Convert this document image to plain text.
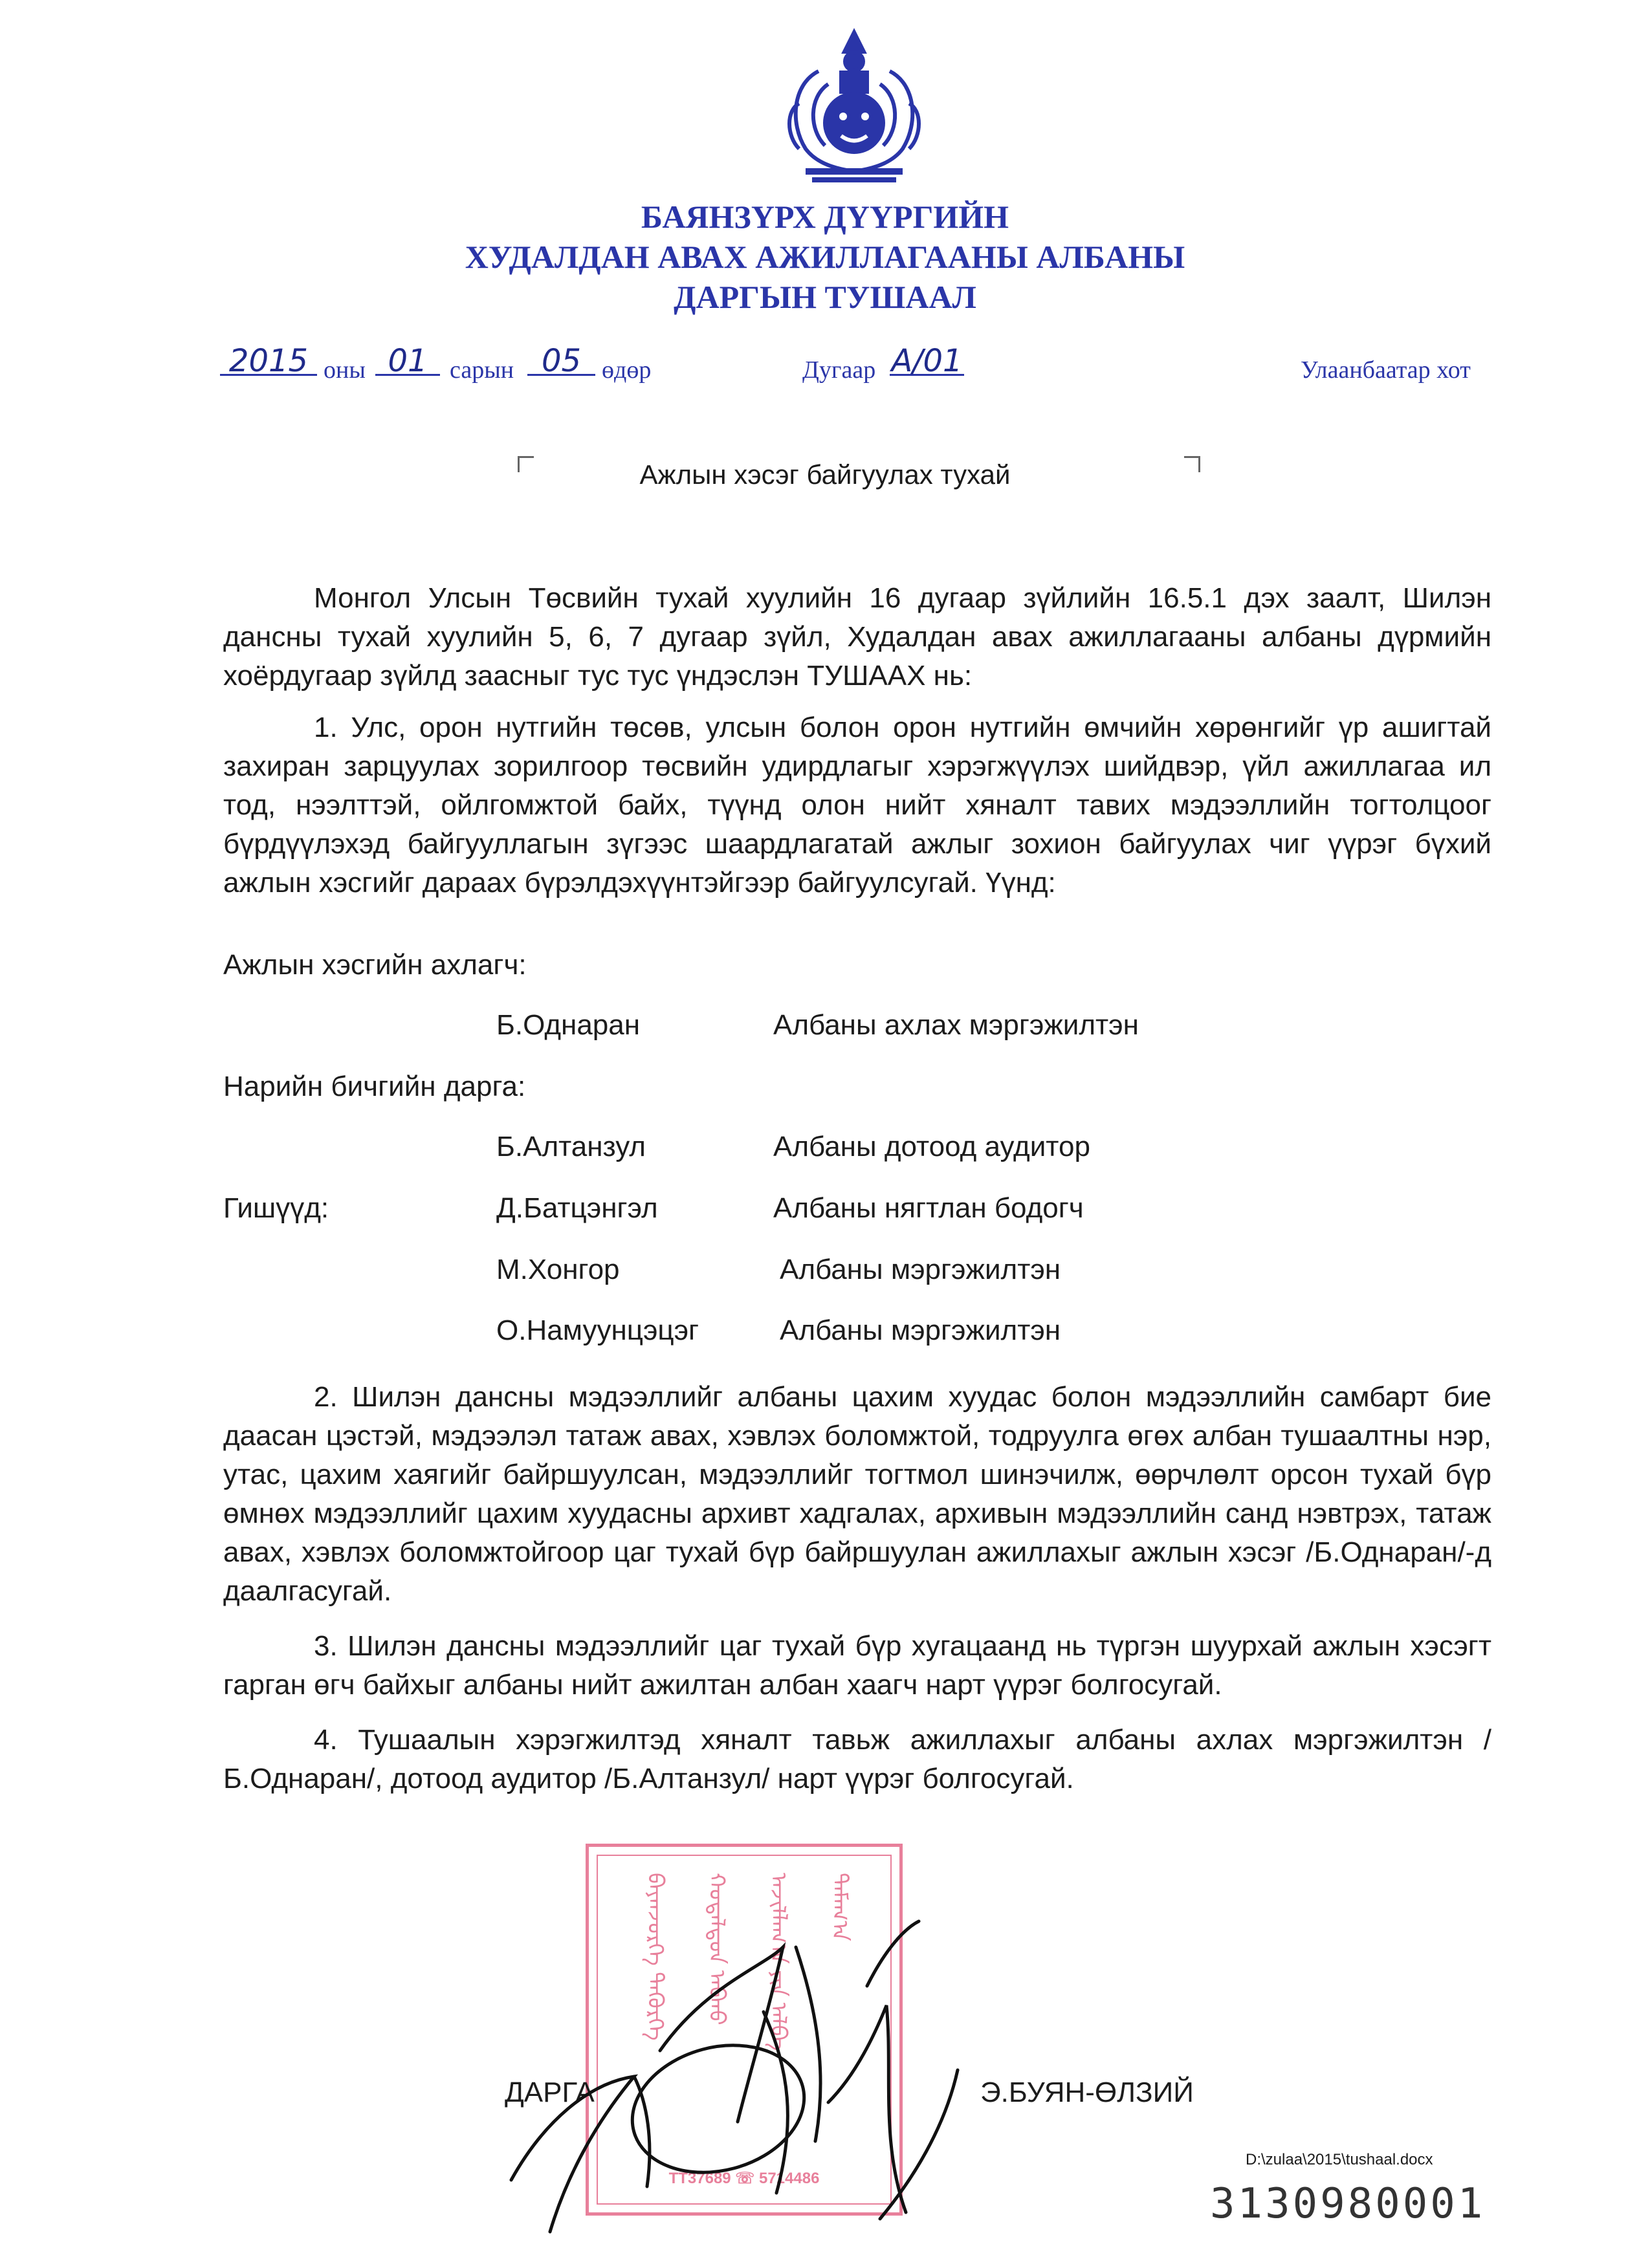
БАЯНЗҮРХ ДҮҮРГИЙН
ХУДАЛДАН АВАХ АЖИЛЛАГААНЫ АЛБАНЫ
ДАРГЫН ТУШААЛ
2015 оны 01 сарын 05 өдөр	Дугаар А/01	Улаанбаатар хот
Ажлын хэсэг байгуулах тухай
Монгол Улсын Төсвийн тухай хуулийн 16 дугаар зүйлийн 16.5.1 дэх заалт, Шилэн дансны тухай хуулийн 5, 6, 7 дугаар зүйл, Худалдан авах ажиллагааны албаны дүрмийн хоёрдугаар зүйлд заасныг тус тус үндэслэн ТУШААХ нь:
1. Улс, орон нутгийн төсөв, улсын болон орон нутгийн өмчийн хөрөнгийг үр ашигтай захиран зарцуулах зорилгоор төсвийн удирдлагыг хэрэгжүүлэх шийдвэр, үйл ажиллагаа ил тод, нээлттэй, ойлгомжтой байх, түүнд олон нийт хяналт тавих мэдээллийн тогтолцоог бүрдүүлэхэд байгууллагын зүгээс шаардлагатай ажлыг зохион байгуулах чиг үүрэг бүхий ажлын хэсгийг дараах бүрэлдэхүүнтэйгээр байгуулсугай. Үүнд:
Ажлын хэсгийн ахлагч:
Б.Однаран	Албаны ахлах мэргэжилтэн
Нарийн бичгийн дарга:
Б.Алтанзул	Албаны дотоод аудитор
Гишүүд:	Д.Батцэнгэл	Албаны нягтлан бодогч
М.Хонгор	Албаны мэргэжилтэн
О.Намуунцэцэг	Албаны мэргэжилтэн
2. Шилэн дансны мэдээллийг албаны цахим хуудас болон мэдээллийн самбарт бие даасан цэстэй, мэдээлэл татаж авах, хэвлэх боломжтой, тодруулга өгөх албан тушаалтны нэр, утас, цахим хаягийг байршуулсан, мэдээллийг тогтмол шинэчилж, өөрчлөлт орсон тухай бүр өмнөх мэдээллийг цахим хуудасны архивт хадгалах, архивын мэдээллийн санд нэвтрэх, татаж авах, хэвлэх боломжтойгоор цаг тухай бүр байршуулан ажиллахыг ажлын хэсэг /Б.Однаран/-д даалгасугай.
3. Шилэн дансны мэдээллийг цаг тухай бүр хугацаанд нь түргэн шуурхай ажлын хэсэгт гарган өгч байхыг албаны нийт ажилтан албан хаагч нарт үүрэг болгосугай.
4. Тушаалын хэрэгжилтэд хяналт тавьж ажиллахыг албаны ахлах мэргэжилтэн /Б.Однаран/, дотоод аудитор /Б.Алтанзул/ нарт үүрэг болгосугай.
ᠪᠠᠶᠠᠨᠵᠦᠷᠬᠡ ᠳᠡᠭᠦᠷᠭᠡ	ᠬᠤᠳᠠᠯᠳᠤᠨ ᠠᠪᠬᠤ	ᠠᠵᠢᠯᠯᠠᠭ᠎ᠠ ᠶᠢᠨ ᠠᠯᠪᠠ	ᠲᠠᠮᠠᠭ᠎ᠠ
ТТ37689 ☏ 5714486
ДАРГА	Э.БУЯН-ӨЛЗИЙ
D:\zulaa\2015\tushaal.docx
3130980001
